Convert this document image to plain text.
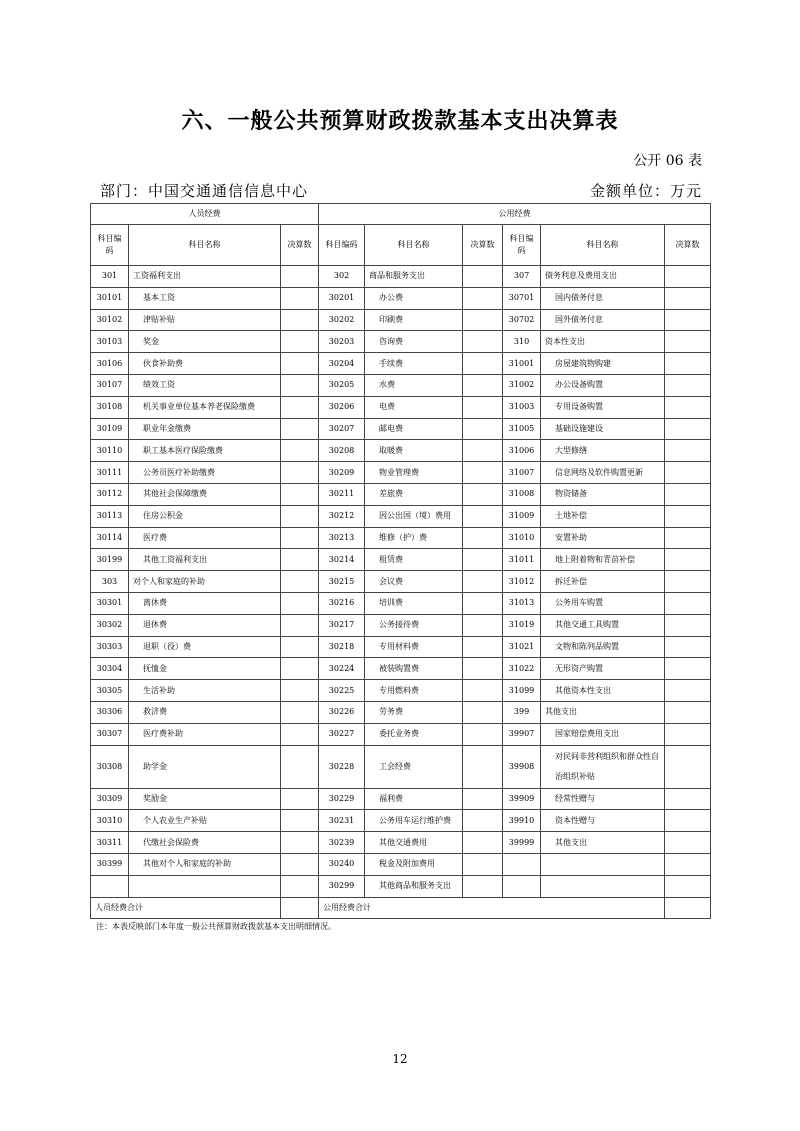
六、一般公共预算财政拨款基本支出决算表
公开 06 表
部门：中国交通通信信息中心	金额单位：万元
人员经费			公用经费					
科目编码	科目名称	决算数	科目编码	科目名称	决算数	科目编码	科目名称	决算数
301	工资福利支出		302	商品和服务支出		307	债务利息及费用支出	
30101	基本工资		30201	办公费		30701	国内债务付息	
30102	津贴补贴		30202	印刷费		30702	国外债务付息	
30103	奖金		30203	咨询费		310	资本性支出	
30106	伙食补助费		30204	手续费		31001	房屋建筑物购建	
30107	绩效工资		30205	水费		31002	办公设备购置	
30108	机关事业单位基本养老保险缴费		30206	电费		31003	专用设备购置	
30109	职业年金缴费		30207	邮电费		31005	基础设施建设	
30110	职工基本医疗保险缴费		30208	取暖费		31006	大型修缮	
30111	公务员医疗补助缴费		30209	物业管理费		31007	信息网络及软件购置更新	
30112	其他社会保障缴费		30211	差旅费		31008	物资储备	
30113	住房公积金		30212	因公出国（境）费用		31009	土地补偿	
30114	医疗费		30213	维修（护）费		31010	安置补助	
30199	其他工资福利支出		30214	租赁费		31011	地上附着物和青苗补偿	
303	对个人和家庭的补助		30215	会议费		31012	拆迁补偿	
30301	离休费		30216	培训费		31013	公务用车购置	
30302	退休费		30217	公务接待费		31019	其他交通工具购置	
30303	退职（役）费		30218	专用材料费		31021	文物和陈列品购置	
30304	抚恤金		30224	被装购置费		31022	无形资产购置	
30305	生活补助		30225	专用燃料费		31099	其他资本性支出	
30306	救济费		30226	劳务费		399	其他支出	
30307	医疗费补助		30227	委托业务费		39907	国家赔偿费用支出	
30308	助学金		30228	工会经费		39908	对民间非营利组织和群众性自治组织补贴	
30309	奖励金		30229	福利费		39909	经常性赠与	
30310	个人农业生产补贴		30231	公务用车运行维护费		39910	资本性赠与	
30311	代缴社会保险费		30239	其他交通费用		39999	其他支出	
30399	其他对个人和家庭的补助		30240	税金及附加费用				
			30299	其他商品和服务支出				
人员经费合计			公用经费合计					
注：本表反映部门本年度一般公共预算财政拨款基本支出明细情况。
12
